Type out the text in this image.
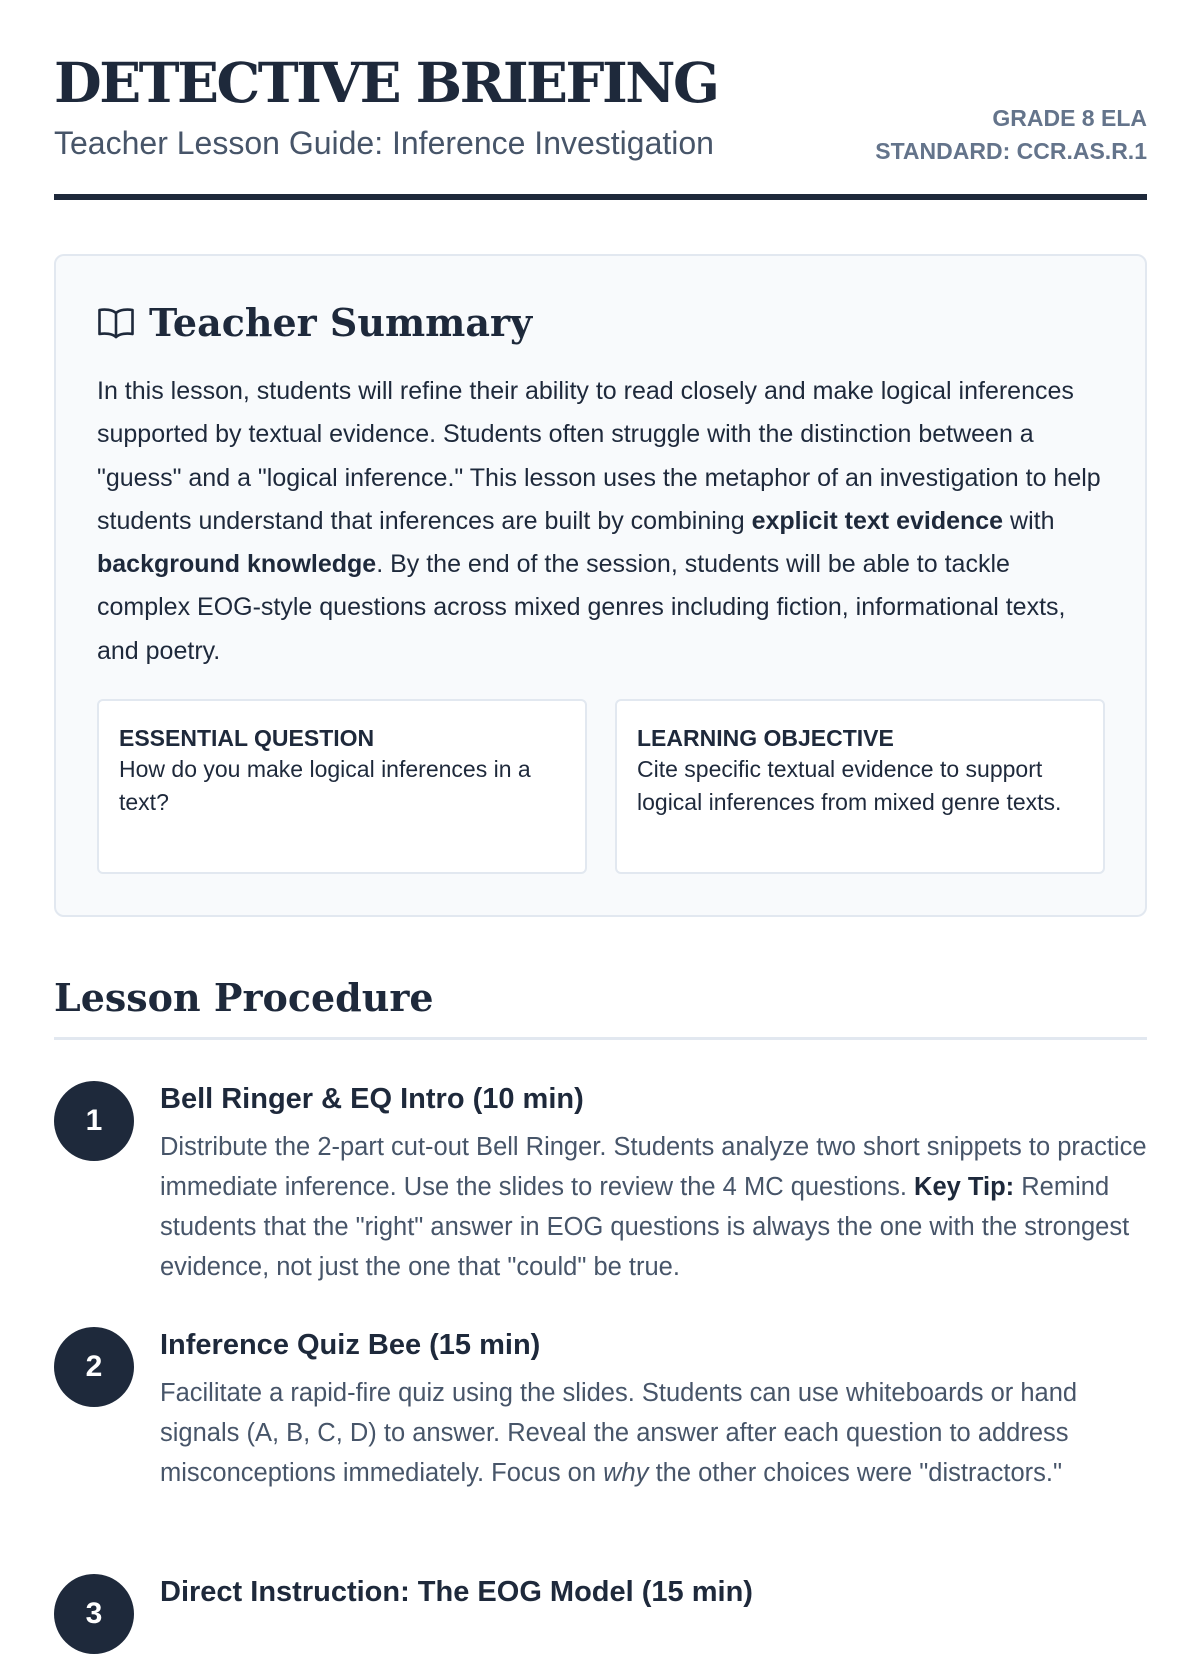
DETECTIVE BRIEFING
Teacher Lesson Guide: Inference Investigation
GRADE 8 ELA
STANDARD: CCR.AS.R.1
Teacher Summary

In this lesson, students will refine their ability to read closely and make logical inferences supported by textual evidence. Students often struggle with the distinction between a "guess" and a "logical inference." This lesson uses the metaphor of an investigation to help students understand that inferences are built by combining explicit text evidence with background knowledge. By the end of the session, students will be able to tackle complex EOG-style questions across mixed genres including fiction, informational texts, and poetry.

ESSENTIAL QUESTION
How do you make logical inferences in a text?
LEARNING OBJECTIVE
Cite specific textual evidence to support logical inferences from mixed genre texts.
Lesson Procedure
1
Bell Ringer & EQ Intro (10 min)

Distribute the 2-part cut-out Bell Ringer. Students analyze two short snippets to practice immediate inference. Use the slides to review the 4 MC questions. Key Tip: Remind students that the "right" answer in EOG questions is always the one with the strongest evidence, not just the one that "could" be true.

2
Inference Quiz Bee (15 min)

Facilitate a rapid-fire quiz using the slides. Students can use whiteboards or hand signals (A, B, C, D) to answer. Reveal the answer after each question to address misconceptions immediately. Focus on why the other choices were "distractors."

3
Direct Instruction: The EOG Model (15 min)
